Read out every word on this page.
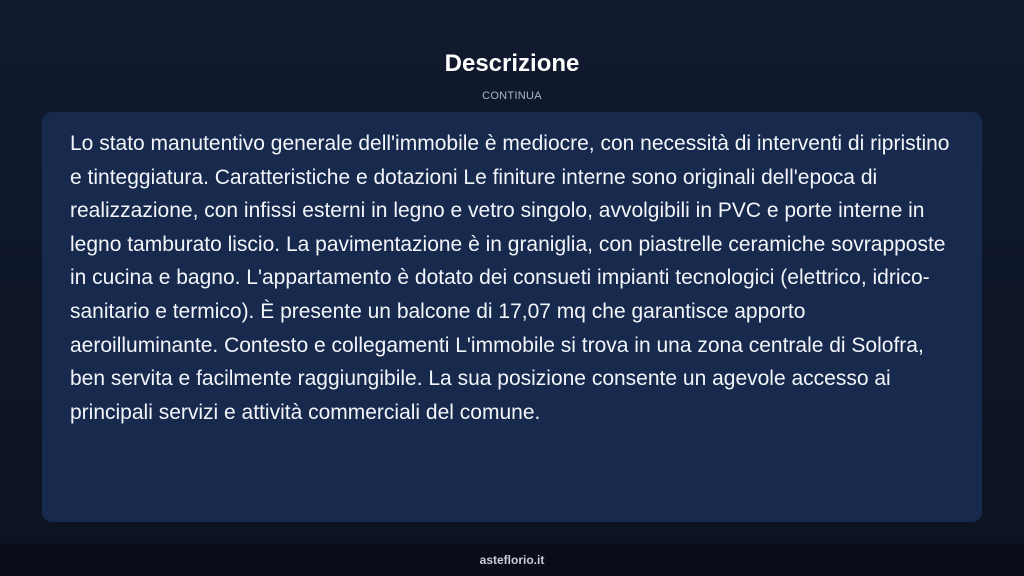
Descrizione
CONTINUA

Lo stato manutentivo generale dell'immobile è mediocre, con necessità di interventi di ripristino e tinteggiatura. Caratteristiche e dotazioni Le finiture interne sono originali dell'epoca di realizzazione, con infissi esterni in legno e vetro singolo, avvolgibili in PVC e porte interne in legno tamburato liscio. La pavimentazione è in graniglia, con piastrelle ceramiche sovrapposte in cucina e bagno. L'appartamento è dotato dei consueti impianti tecnologici (elettrico, idrico-sanitario e termico). È presente un balcone di 17,07 mq che garantisce apporto aeroilluminante. Contesto e collegamenti L'immobile si trova in una zona centrale di Solofra, ben servita e facilmente raggiungibile. La sua posizione consente un agevole accesso ai principali servizi e attività commerciali del comune.

asteflorio.it
